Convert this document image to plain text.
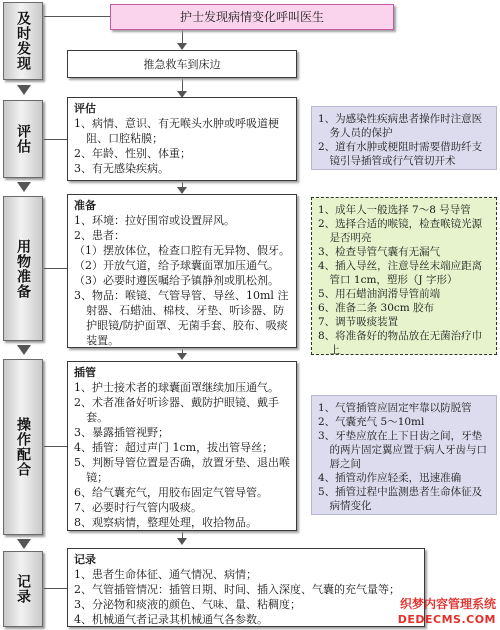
及时发现
评估
用物准备
操作配合
记录
护士发现病情变化呼叫医生
推急救车到床边
评估
1、病情、意识、有无喉头水肿或呼吸道梗阻、口腔粘膜；
2、年龄、性别、体重；
3、有无感染疾病。
准备
1、环境：拉好围帘或设置屏风。
2、患者：
（1）摆放体位，检查口腔有无异物、假牙。
（2）开放气道，给予球囊面罩加压通气。
（3）必要时遵医嘱给予镇静剂或肌松剂。
3、物品：喉镜、气管导管、导丝、10ml 注射器、石蜡油、棉枝、牙垫、听诊器、防护眼镜/防护面罩、无菌手套、胶布、吸痰装置。
插管
1、护士接术者的球囊面罩继续加压通气。
2、术者准备好听诊器、戴防护眼镜、戴手套。
3、暴露插管视野；
4、插管：超过声门 1cm，拔出管导丝；
5、判断导管位置是否确，放置牙垫、退出喉镜；
6、给气囊充气，用胶布固定气管导管。
7、必要时行气管内吸痰。
8、观察病情，整理处理，收拾物品。
记录
1、患者生命体征、通气情况、病情；
2、气管插管情况：插管日期、时间、插入深度、气囊的充气量等；
3、分泌物和痰液的颜色、气味、量、粘稠度；
4、机械通气者记录其机械通气各参数。
1、为感染性疾病患者操作时注意医务人员的保护
2、道有水肿或梗阻时需要借助纤支镜引导插管或行气管切开术
1、成年人一般选择 7～8 号导管
2、选择合适的喉镜，检查喉镜光源是否明亮
3、检查导管气囊有无漏气
4、插入导丝，注意导丝末端应距离管口 1cm，塑形（J 字形）
5、用石蜡油润滑导管前端
6、准备二条 30cm 胶布
7、调节吸痰装置
8、将准备好的物品放在无菌治疗巾上
1、气管插管应固定牢靠以防脱管
2、气囊充气 5～10ml
3、牙垫应放在上下日齿之间，牙垫的两片固定翼应置于病人牙齿与口唇之间
4、插管动作应轻柔，迅速准确
5、插管过程中监测患者生命体征及病情变化
织梦内容管理系统
DEDECMS.COM
